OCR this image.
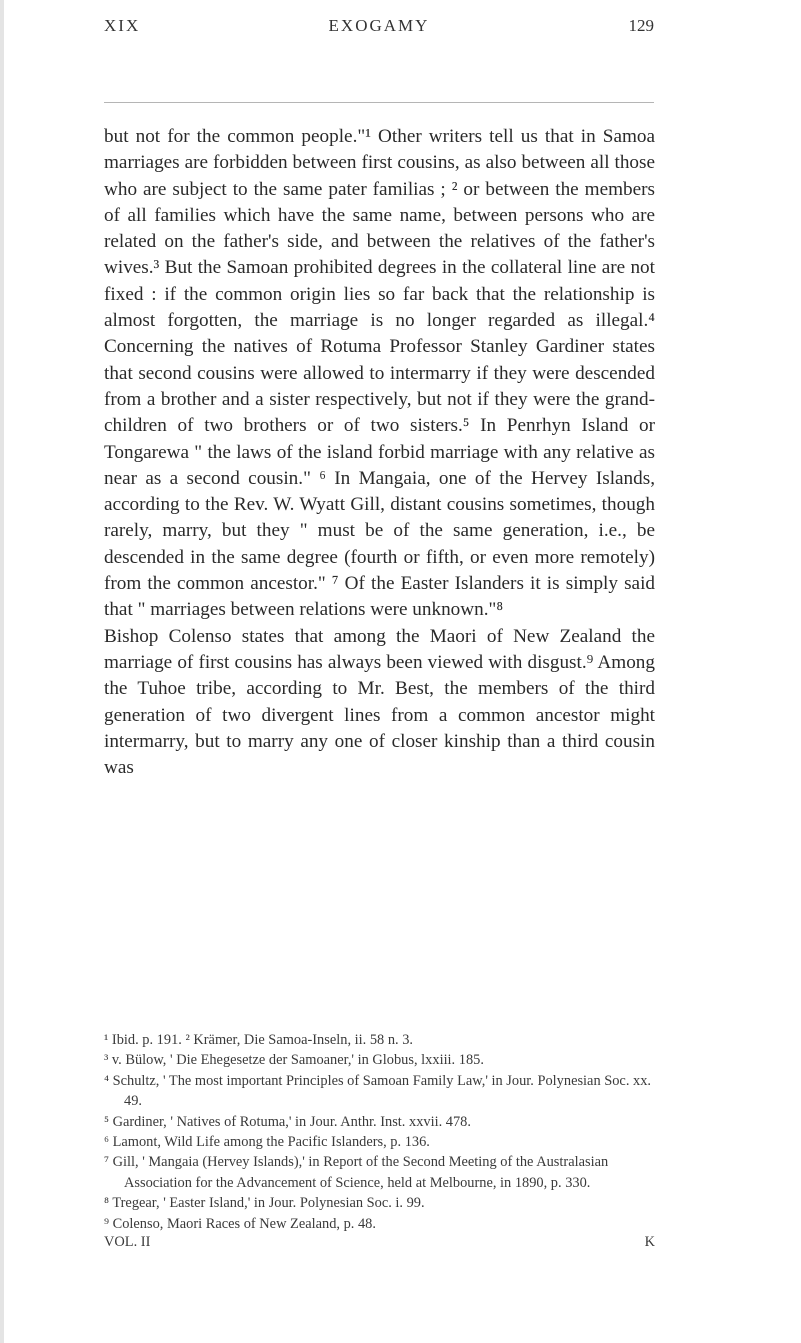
XIX	EXOGAMY	129

but not for the common people."¹ Other writers tell us that in Samoa marriages are forbidden between first cousins, as also between all those who are subject to the same pater familias ; ² or between the members of all families which have the same name, between persons who are related on the father's side, and between the relatives of the father's wives.³ But the Samoan prohibited degrees in the collateral line are not fixed : if the common origin lies so far back that the relationship is almost forgotten, the marriage is no longer regarded as illegal.⁴ Concerning the natives of Rotuma Professor Stanley Gardiner states that second cousins were allowed to intermarry if they were descended from a brother and a sister respectively, but not if they were the grand-children of two brothers or of two sisters.⁵ In Penrhyn Island or Tongarewa " the laws of the island forbid marriage with any relative as near as a second cousin." ⁶ In Mangaia, one of the Hervey Islands, according to the Rev. W. Wyatt Gill, distant cousins sometimes, though rarely, marry, but they " must be of the same generation, i.e., be descended in the same degree (fourth or fifth, or even more remotely) from the common ancestor." ⁷ Of the Easter Islanders it is simply said that " marriages between relations were unknown."⁸

Bishop Colenso states that among the Maori of New Zealand the marriage of first cousins has always been viewed with disgust.⁹ Among the Tuhoe tribe, according to Mr. Best, the members of the third generation of two divergent lines from a common ancestor might intermarry, but to marry any one of closer kinship than a third cousin was

¹ Ibid. p. 191. ² Krämer, Die Samoa-Inseln, ii. 58 n. 3.

³ v. Bülow, ' Die Ehegesetze der Samoaner,' in Globus, lxxiii. 185.

⁴ Schultz, ' The most important Principles of Samoan Family Law,' in Jour. Polynesian Soc. xx. 49.

⁵ Gardiner, ' Natives of Rotuma,' in Jour. Anthr. Inst. xxvii. 478.

⁶ Lamont, Wild Life among the Pacific Islanders, p. 136.

⁷ Gill, ' Mangaia (Hervey Islands),' in Report of the Second Meeting of the Australasian Association for the Advancement of Science, held at Melbourne, in 1890, p. 330.

⁸ Tregear, ' Easter Island,' in Jour. Polynesian Soc. i. 99.

⁹ Colenso, Maori Races of New Zealand, p. 48.

VOL. II	K
